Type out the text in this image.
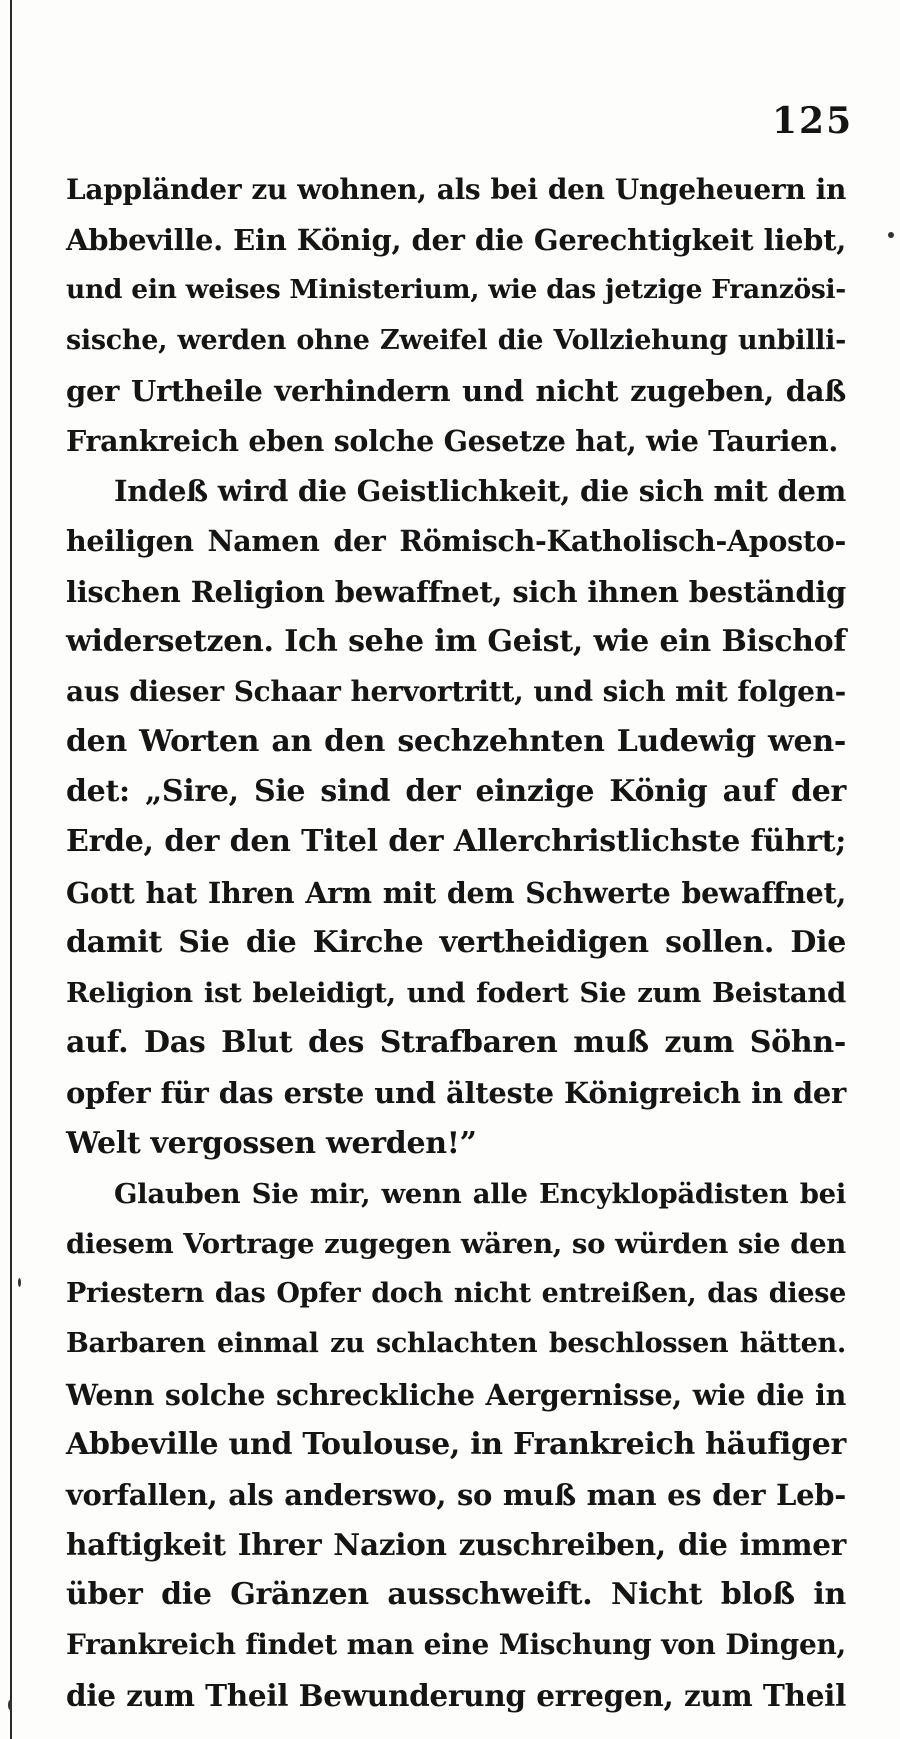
125
Lappländer zu wohnen, als bei den Ungeheuern in
Abbeville. Ein König, der die Gerechtigkeit liebt,
und ein weises Ministerium, wie das jetzige Französi-
sische, werden ohne Zweifel die Vollziehung unbilli-
ger Urtheile verhindern und nicht zugeben, daß
Frankreich eben solche Gesetze hat, wie Taurien.
Indeß wird die Geistlichkeit, die sich mit dem
heiligen Namen der Römisch-Katholisch-Aposto-
lischen Religion bewaffnet, sich ihnen beständig
widersetzen. Ich sehe im Geist, wie ein Bischof
aus dieser Schaar hervortritt, und sich mit folgen-
den Worten an den sechzehnten Ludewig wen-
det: „Sire, Sie sind der einzige König auf der
Erde, der den Titel der Allerchristlichste führt;
Gott hat Ihren Arm mit dem Schwerte bewaffnet,
damit Sie die Kirche vertheidigen sollen. Die
Religion ist beleidigt, und fodert Sie zum Beistand
auf. Das Blut des Strafbaren muß zum Söhn-
opfer für das erste und älteste Königreich in der
Welt vergossen werden!”
Glauben Sie mir, wenn alle Encyklopädisten bei
diesem Vortrage zugegen wären, so würden sie den
Priestern das Opfer doch nicht entreißen, das diese
Barbaren einmal zu schlachten beschlossen hätten.
Wenn solche schreckliche Aergernisse, wie die in
Abbeville und Toulouse, in Frankreich häufiger
vorfallen, als anderswo, so muß man es der Leb-
haftigkeit Ihrer Nazion zuschreiben, die immer
über die Gränzen ausschweift. Nicht bloß in
Frankreich findet man eine Mischung von Dingen,
die zum Theil Bewunderung erregen, zum Theil
